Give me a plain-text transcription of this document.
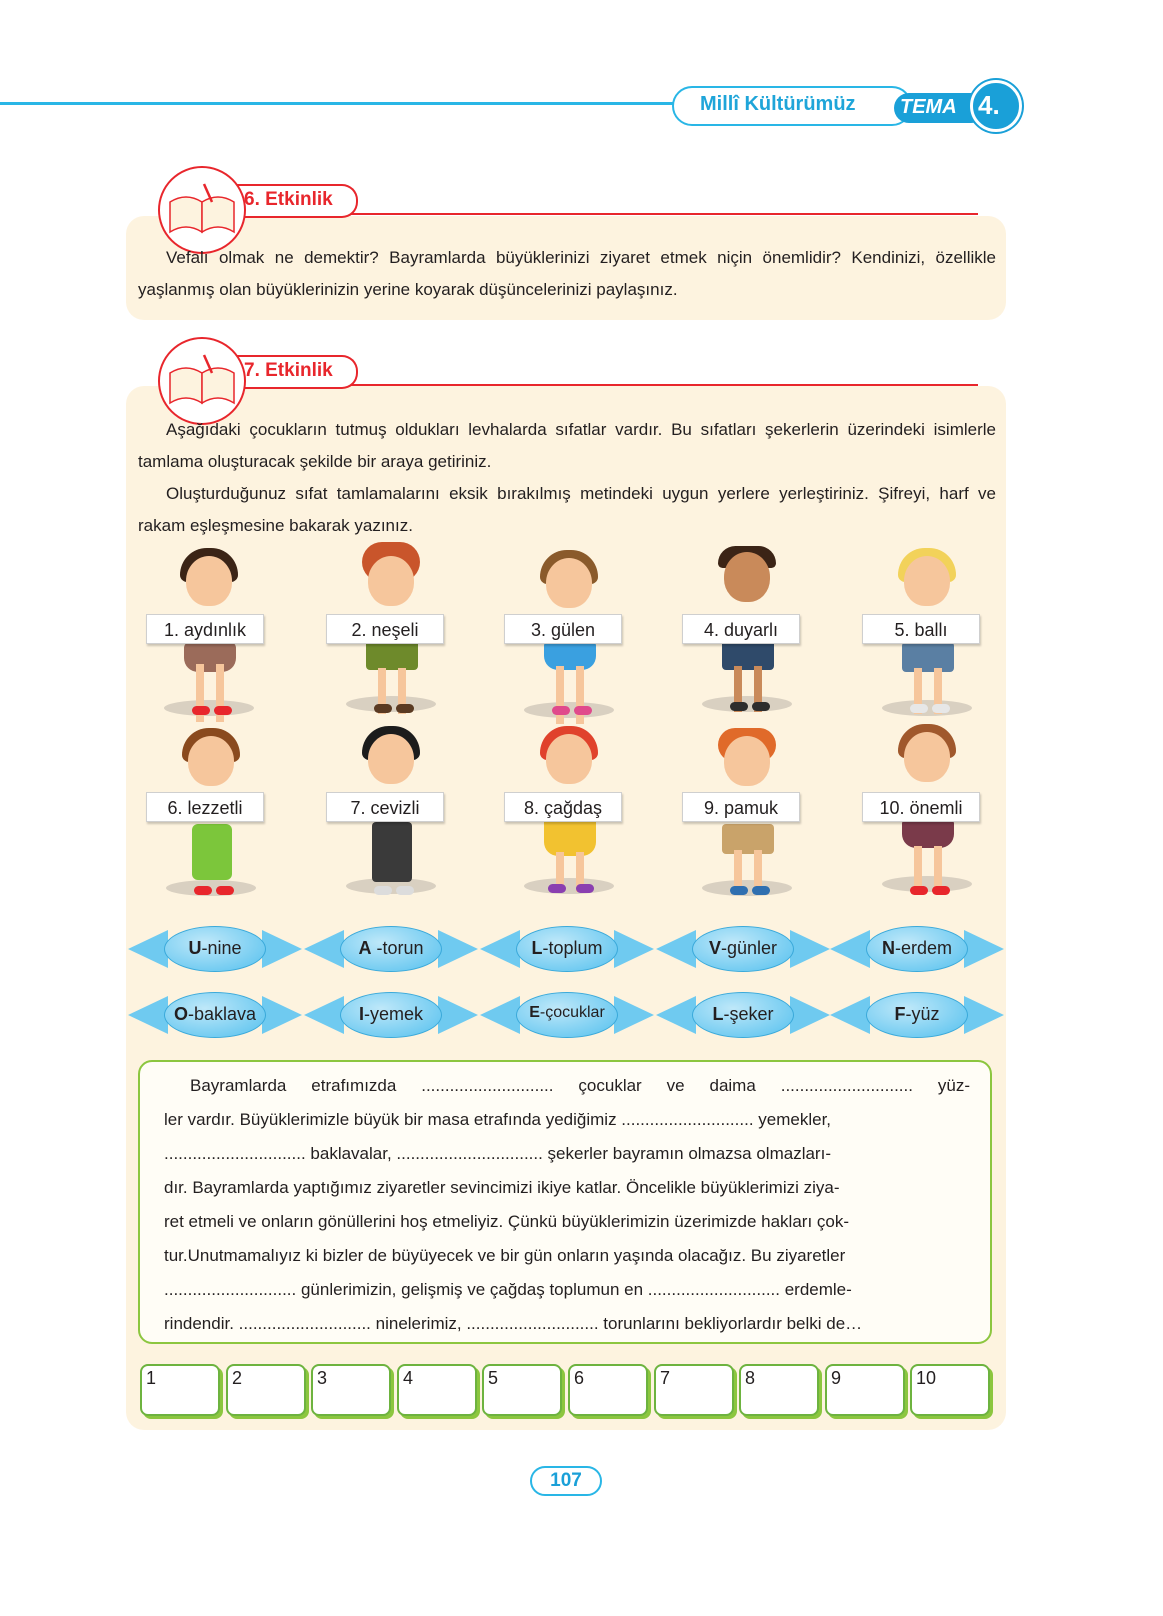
Millî Kültürümüz TEMA 4.
6. Etkinlik
Vefalı olmak ne demektir? Bayramlarda büyüklerinizi ziyaret etmek niçin önemlidir? Kendinizi, özellikle yaşlanmış olan büyüklerinizin yerine koyarak düşüncelerinizi paylaşınız.
7. Etkinlik
Aşağıdaki çocukların tutmuş oldukları levhalarda sıfatlar vardır. Bu sıfatları şekerlerin üzerindeki isimlerle tamlama oluşturacak şekilde bir araya getiriniz.
Oluşturduğunuz sıfat tamlamalarını eksik bırakılmış metindeki uygun yerlere yerleştiriniz. Şifreyi, harf ve rakam eşleşmesine bakarak yazınız.
1. aydınlık	2. neşeli	3. gülen	4. duyarlı	5. ballı
6. lezzetli	7. cevizli	8. çağdaş	9. pamuk	10. önemli
U-nine	A -torun	L-toplum	V-günler	N-erdem
O-baklava	I-yemek	E-çocuklar	L-şeker	F-yüz
Bayramlarda etrafımızda ............................ çocuklar ve daima ............................ yüz-
ler vardır. Büyüklerimizle büyük bir masa etrafında yediğimiz ............................ yemekler,
.............................. baklavalar, ............................... şekerler bayramın olmazsa olmazları-
dır. Bayramlarda yaptığımız ziyaretler sevincimizi ikiye katlar. Öncelikle büyüklerimizi ziya-
ret etmeli ve onların gönüllerini hoş etmeliyiz. Çünkü büyüklerimizin üzerimizde hakları çok-
tur.Unutmamalıyız ki bizler de büyüyecek ve bir gün onların yaşında olacağız. Bu ziyaretler
............................ günlerimizin, gelişmiş ve çağdaş toplumun en ............................ erdemle-
rindendir. ............................ ninelerimiz, ............................ torunlarını bekliyorlardır belki de…
1	2	3	4	5	6	7	8	9	10
107
